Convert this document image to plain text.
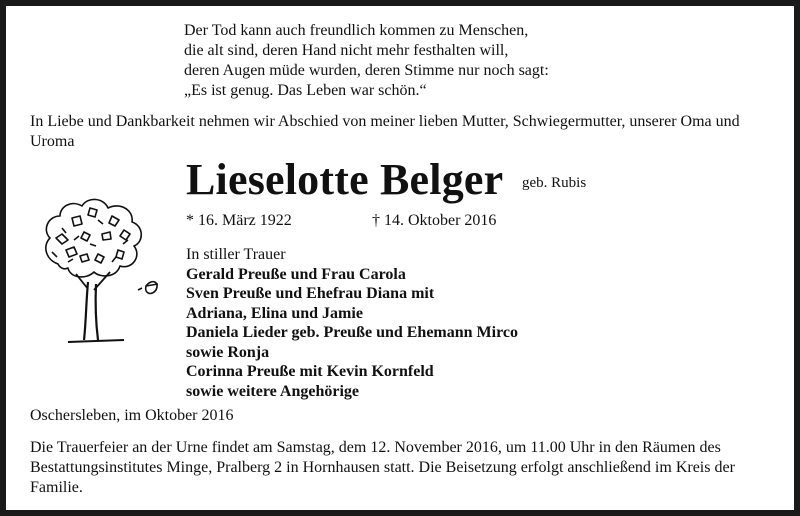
Der Tod kann auch freundlich kommen zu Menschen,
die alt sind, deren Hand nicht mehr festhalten will,
deren Augen müde wurden, deren Stimme nur noch sagt:
„Es ist genug. Das Leben war schön.“
In Liebe und Dankbarkeit nehmen wir Abschied von meiner lieben Mutter, Schwiegermutter, unserer Oma und Uroma
Lieselotte Belger geb. Rubis
* 16. März 1922	† 14. Oktober 2016
In stiller Trauer
Gerald Preuße und Frau Carola
Sven Preuße und Ehefrau Diana mit
Adriana, Elina und Jamie
Daniela Lieder geb. Preuße und Ehemann Mirco
sowie Ronja
Corinna Preuße mit Kevin Kornfeld
sowie weitere Angehörige
Oschersleben, im Oktober 2016
Die Trauerfeier an der Urne findet am Samstag, dem 12. November 2016, um 11.00 Uhr in den Räumen des Bestattungsinstitutes Minge, Pralberg 2 in Hornhausen statt. Die Beisetzung erfolgt anschließend im Kreis der Familie.
